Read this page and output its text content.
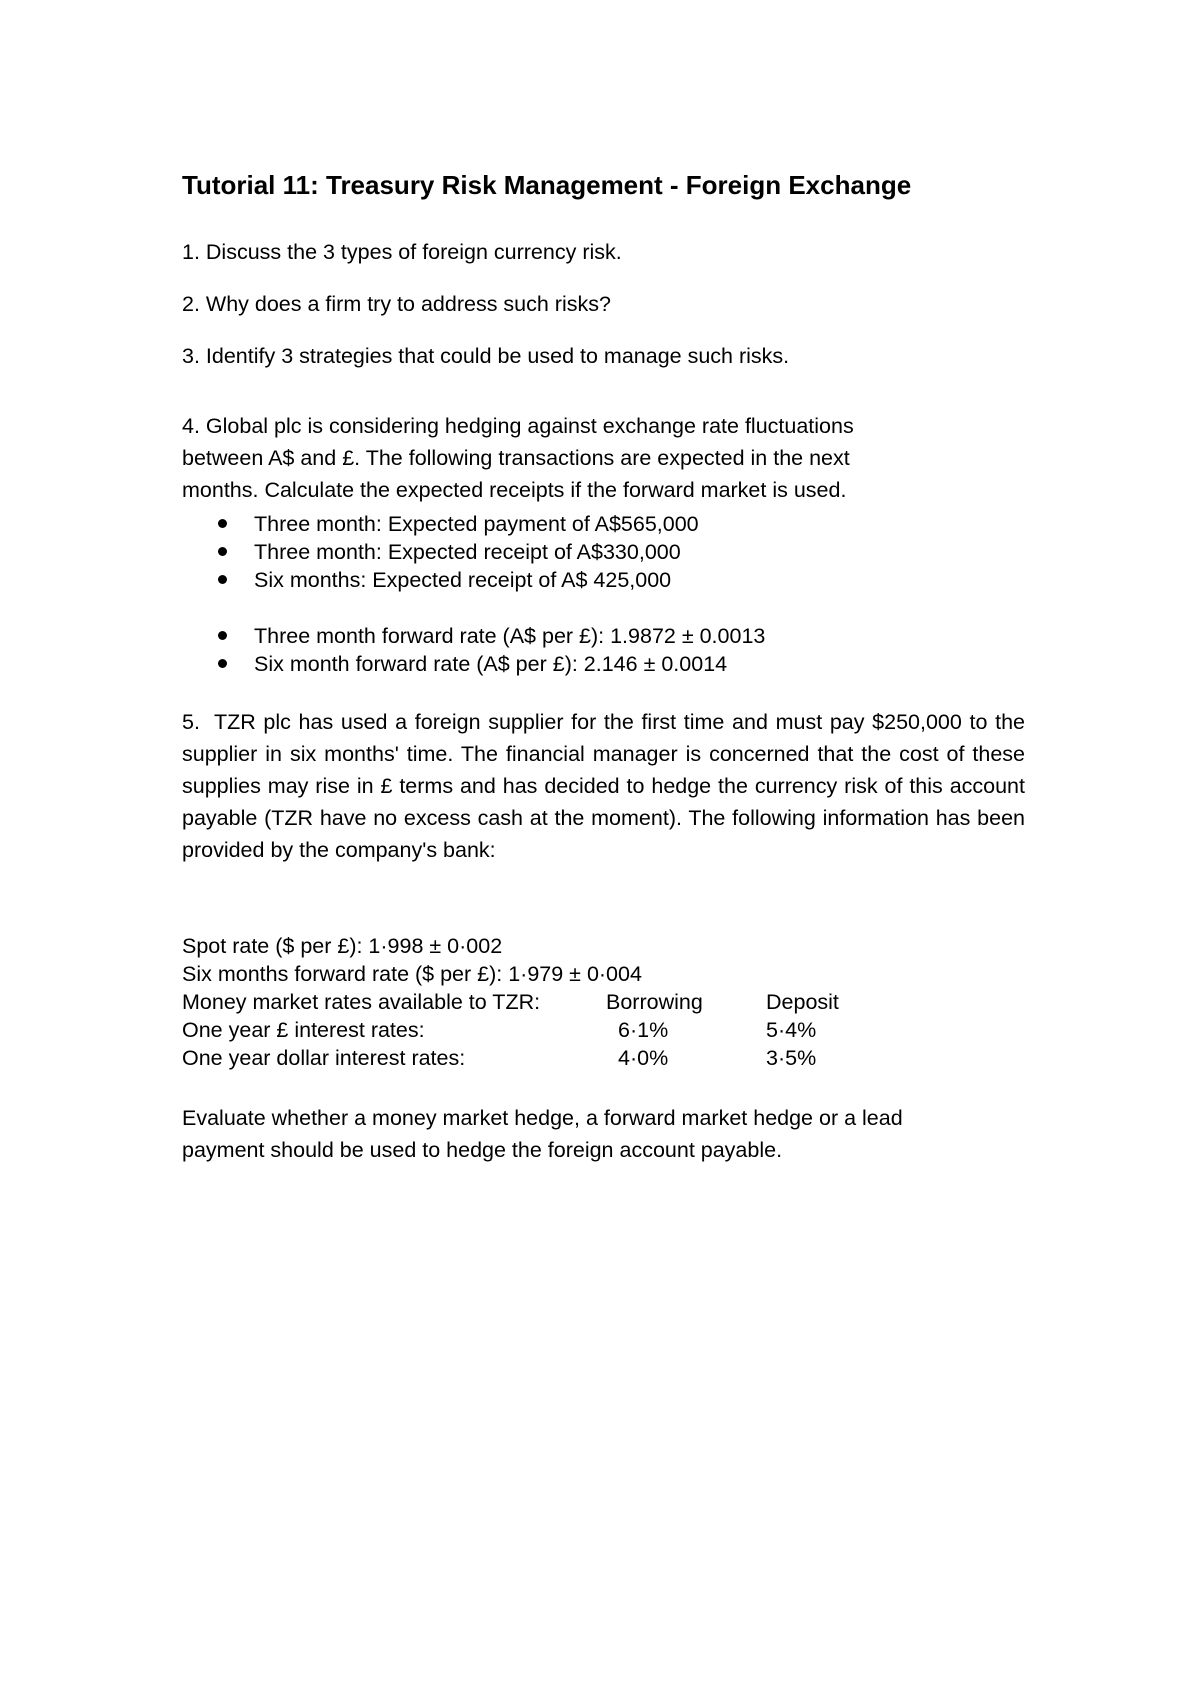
Tutorial 11: Treasury Risk Management - Foreign Exchange
1. Discuss the 3 types of foreign currency risk.
2. Why does a firm try to address such risks?
3. Identify 3 strategies that could be used to manage such risks.
4. Global plc is considering hedging against exchange rate fluctuations
between A$ and £. The following transactions are expected in the next
months. Calculate the expected receipts if the forward market is used.
Three month: Expected payment of A$565,000
Three month: Expected receipt of A$330,000
Six months: Expected receipt of A$ 425,000
Three month forward rate (A$ per £): 1.9872 ± 0.0013
Six month forward rate (A$ per £): 2.146 ± 0.0014

5. TZR plc has used a foreign supplier for the first time and must pay $250,000 to the supplier in six months' time. The financial manager is concerned that the cost of these supplies may rise in £ terms and has decided to hedge the currency risk of this account payable (TZR have no excess cash at the moment). The following information has been provided by the company's bank:

Spot rate ($ per £): 1·998 ± 0·002
Six months forward rate ($ per £): 1·979 ± 0·004
Money market rates available to TZR:	Borrowing	Deposit
One year £ interest rates:	6·1%	5·4%
One year dollar interest rates:	4·0%	3·5%
Evaluate whether a money market hedge, a forward market hedge or a lead
payment should be used to hedge the foreign account payable.
